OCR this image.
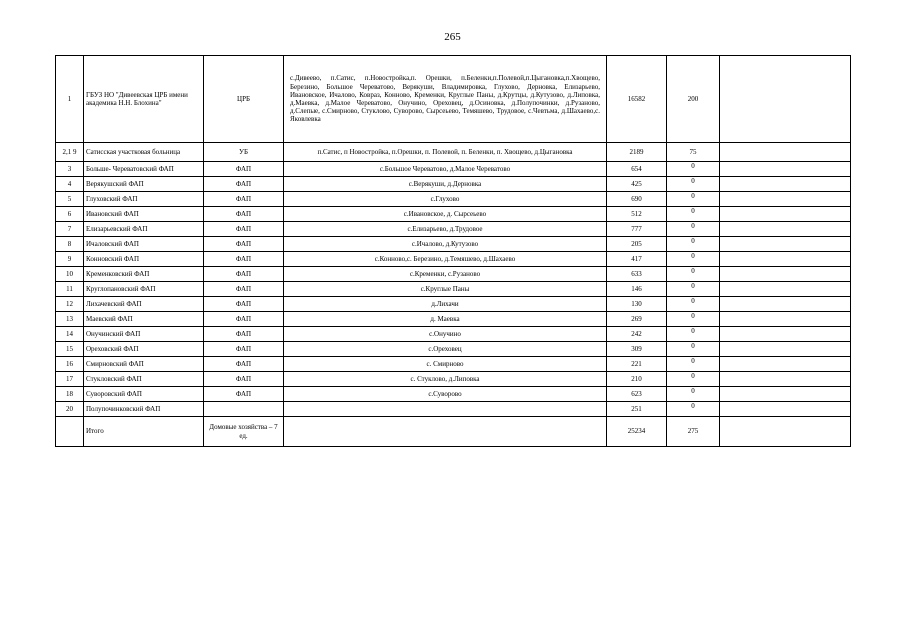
265
1	ГБУЗ НО "Дивеевская ЦРБ имени академика Н.Н. Блохина"	ЦРБ	с.Дивеево, п.Сатис, п.Новостройка,п. Орешки, п.Беленки,п.Полевой,п.Цыгановка,п.Хвощево, Березино, Большое Череватово, Верякуши, Владимировка, Глухово, Дерновка, Елизарьево, Ивановское, Ичалово, Ковраз, Конново, Кременки, Круглые Паны, д.Крутцы, д.Кутузово, д.Липовка, д.Маевка, д.Малое Череватово, Онучино, Ореховец, д.Осиновка, д.Полупочинки, д.Рузаново, д.Слепые, с.Смирново, Стуклово, Суворово, Сырсеьево, Темяшево, Трудовое, с.Чевтьма, д.Шахаево,с. Яковлевка	16582	200	
2,1 9	Сатисская участковая больница	УБ	п.Сатис, п Новостройка, п.Орешки, п. Полевой, п. Беленки, п. Хвощево, д.Цыгановка	2189	75	
3	Больше- Череватовский ФАП	ФАП	с.Большое Череватово, д.Малое Череватово	654	0	
4	Верякушский ФАП	ФАП	с.Верякуши, д.Дерновка	425	0	
5	Глуховский ФАП	ФАП	с.Глухово	690	0	
6	Ивановский ФАП	ФАП	с.Ивановское, д. Сырсеьево	512	0	
7	Елизарьевский ФАП	ФАП	с.Елизарьево, д.Трудовое	777	0	
8	Ичаловский ФАП	ФАП	с.Ичалово, д.Кутузово	205	0	
9	Конновский ФАП	ФАП	с.Конново,с. Березино, д.Темяшево, д.Шахаево	417	0	
10	Кременковский ФАП	ФАП	с.Кременки, с.Рузаново	633	0	
11	Круглопановский ФАП	ФАП	с.Круглые Паны	146	0	
12	Лихачевский ФАП	ФАП	д.Лихачи	130	0	
13	Маевский ФАП	ФАП	д. Маевка	269	0	
14	Онучинский ФАП	ФАП	с.Онучино	242	0	
15	Ореховский ФАП	ФАП	с.Ореховец	309	0	
16	Смирновский ФАП	ФАП	с. Смирново	221	0	
17	Стукловский ФАП	ФАП	с. Стуклово, д.Липовка	210	0	
18	Суворовский ФАП	ФАП	с.Суворово	623	0	
20	Полупочинковский ФАП			251	0	
	Итого	Домовые хозяйства – 7 ед.		25234	275	
